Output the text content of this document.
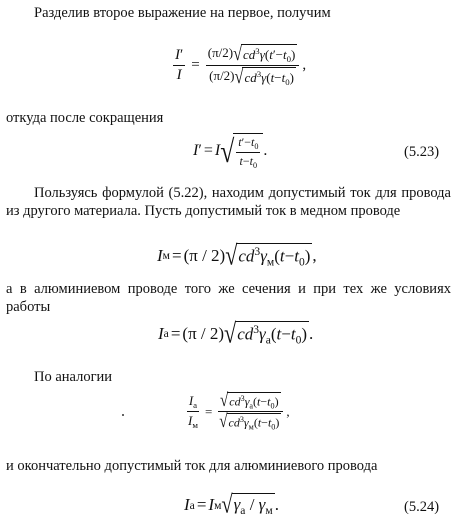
Разделив второе выражение на первое, получим
$\frac{I'}{I} = \frac{(\pi/2) √ cd^3\gamma(t'-t_0)}{(\pi/2) √ cd^3\gamma(t-t_0)}$ ,
откуда после сокращения
I ′ = I √ $\frac{t'-t_0}{t-t_0}$ .	(5.23)
Пользуясь формулой (5.22), находим допустимый ток для провода из другого материала. Пусть допустимый ток в медном проводе
I м = (π / 2) √ $cd^3\gamma_м(t-t_0)$ ,
а в алюминиевом проводе того же сечения и при тех же условиях работы
I а = (π / 2) √ $cd^3\gamma_а(t-t_0)$ .
По аналогии
$\frac{I_а}{I_м} = \frac{√ cd^3\gamma_а(t-t_0)}{√ cd^3\gamma_м(t-t_0)}$ ,
и окончательно допустимый ток для алюминиевого провода
I а = I м √ $\gamma_а / \gamma_м$ .	(5.24)
